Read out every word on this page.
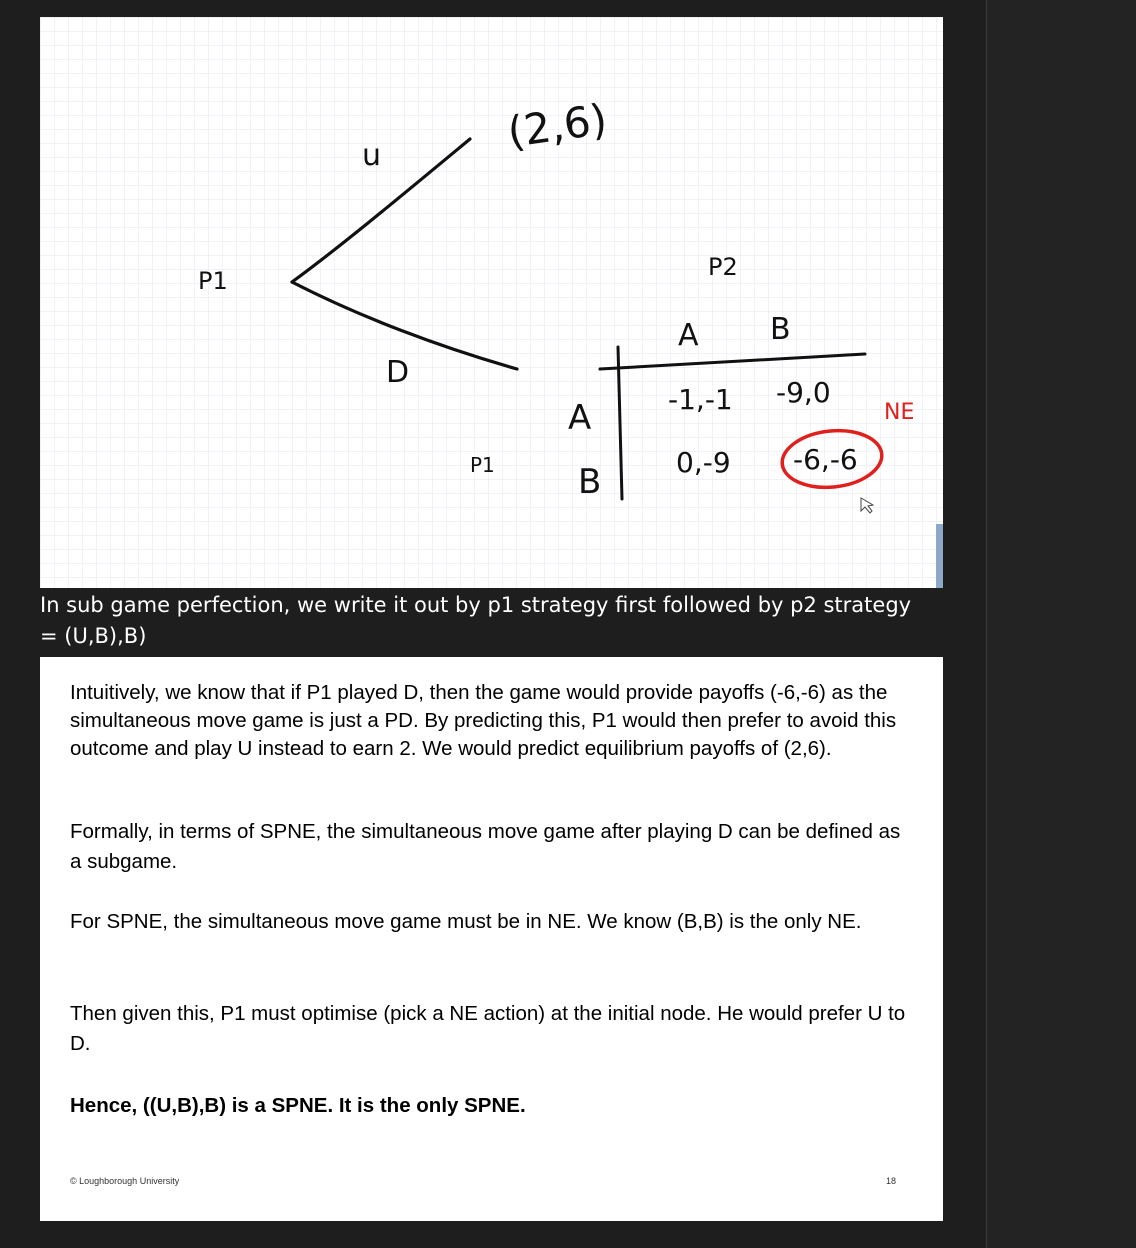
(2,6)
u
D
P1	P2
A B
A
B
P1
-1,-1 -9,0
0,-9 -6,-6
NE
In sub game perfection, we write it out by p1 strategy first followed by p2 strategy
= (U,B),B)

Intuitively, we know that if P1 played D, then the game would provide payoffs (-6,-6) as the simultaneous move game is just a PD. By predicting this, P1 would then prefer to avoid this outcome and play U instead to earn 2. We would predict equilibrium payoffs of (2,6).

Formally, in terms of SPNE, the simultaneous move game after playing D can be defined as a subgame.

For SPNE, the simultaneous move game must be in NE. We know (B,B) is the only NE.

Then given this, P1 must optimise (pick a NE action) at the initial node. He would prefer U to D.

Hence, ((U,B),B) is a SPNE. It is the only SPNE.

© Loughborough University	18
